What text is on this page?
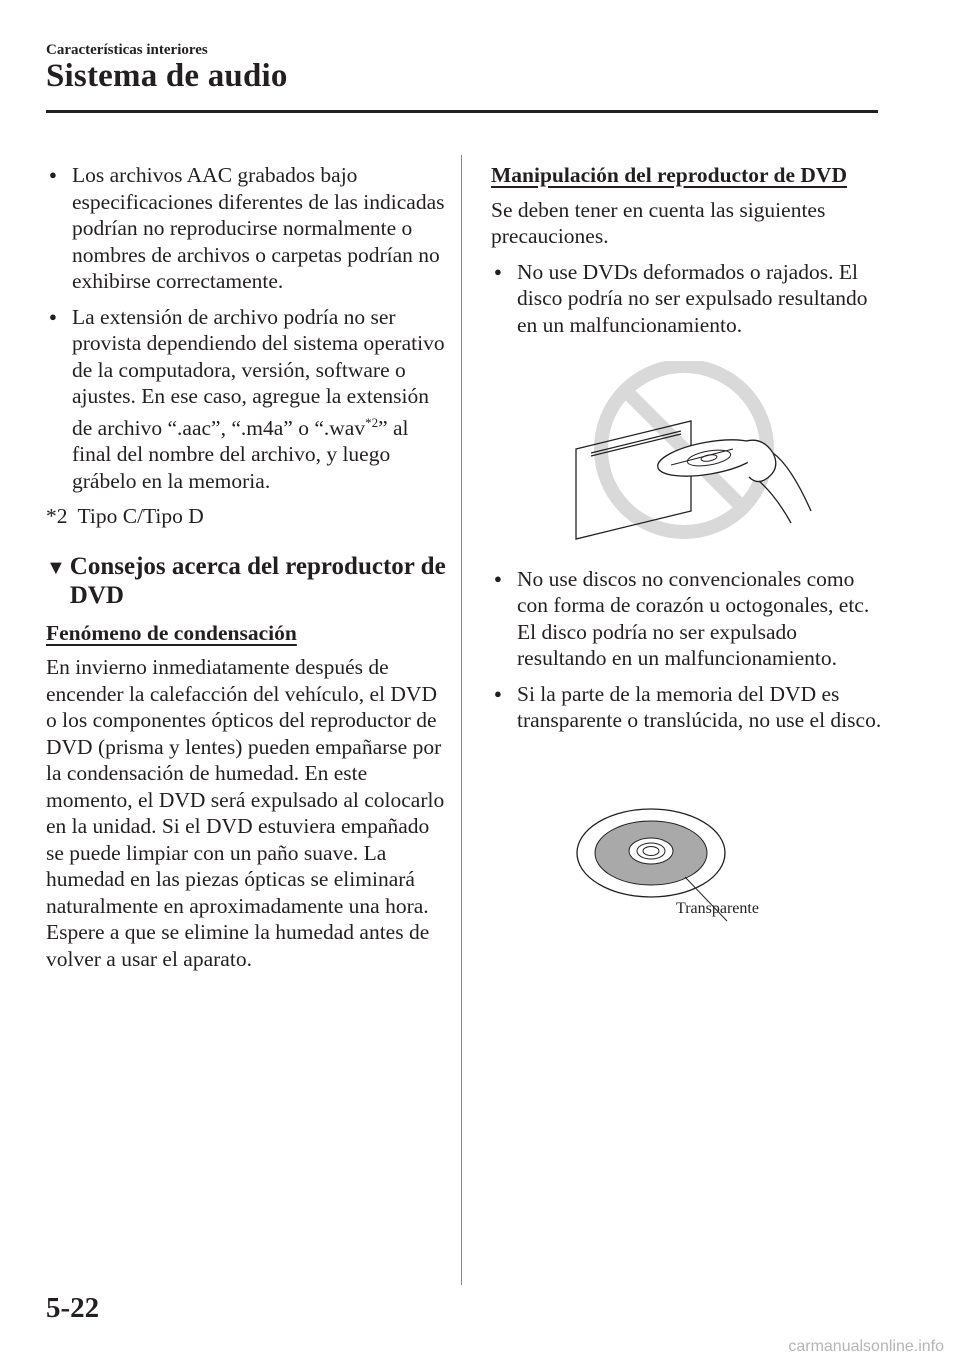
Características interiores
Sistema de audio
● Los archivos AAC grabados bajo especificaciones diferentes de las indicadas podrían no reproducirse normalmente o nombres de archivos o carpetas podrían no exhibirse correctamente.
● La extensión de archivo podría no ser provista dependiendo del sistema operativo de la computadora, versión, software o ajustes. En ese caso, agregue la extensión de archivo “.aac”, “.m4a” o “.wav$^{*2}$” al final del nombre del archivo, y luego grábelo en la memoria.
*2 Tipo C/Tipo D
▼ Consejos acerca del reproductor de DVD
Fenómeno de condensación
En invierno inmediatamente después de encender la calefacción del vehículo, el DVD o los componentes ópticos del reproductor de DVD (prisma y lentes) pueden empañarse por la condensación de humedad. En este momento, el DVD será expulsado al colocarlo en la unidad. Si el DVD estuviera empañado se puede limpiar con un paño suave. La humedad en las piezas ópticas se eliminará naturalmente en aproximadamente una hora. Espere a que se elimine la humedad antes de volver a usar el aparato.
Manipulación del reproductor de DVD
Se deben tener en cuenta las siguientes precauciones.
● No use DVDs deformados o rajados. El disco podría no ser expulsado resultando en un malfuncionamiento.
● No use discos no convencionales como con forma de corazón u octogonales, etc. El disco podría no ser expulsado resultando en un malfuncionamiento.
● Si la parte de la memoria del DVD es transparente o translúcida, no use el disco.
Transparente
5-22
carmanualsonline.info
